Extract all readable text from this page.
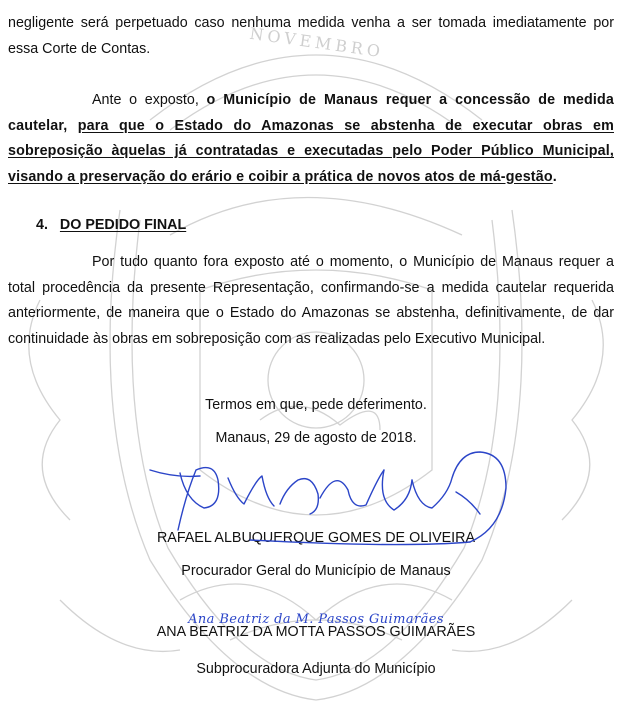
NOVEMBRO

negligente será perpetuado caso nenhuma medida venha a ser tomada imediatamente por essa Corte de Contas.

Ante o exposto, o Município de Manaus requer a concessão de medida cautelar, para que o Estado do Amazonas se abstenha de executar obras em sobreposição àquelas já contratadas e executadas pelo Poder Público Municipal, visando a preservação do erário e coibir a prática de novos atos de má-gestão.

4. DO PEDIDO FINAL

Por tudo quanto fora exposto até o momento, o Município de Manaus requer a total procedência da presente Representação, confirmando-se a medida cautelar requerida anteriormente, de maneira que o Estado do Amazonas se abstenha, definitivamente, de dar continuidade às obras em sobreposição com as realizadas pelo Executivo Municipal.

Termos em que, pede deferimento.

Manaus, 29 de agosto de 2018.

RAFAEL ALBUQUERQUE GOMES DE OLIVEIRA

Procurador Geral do Município de Manaus

Ana Beatriz da M. Passos Guimarães

ANA BEATRIZ DA MOTTA PASSOS GUIMARÃES

Subprocuradora Adjunta do Município
